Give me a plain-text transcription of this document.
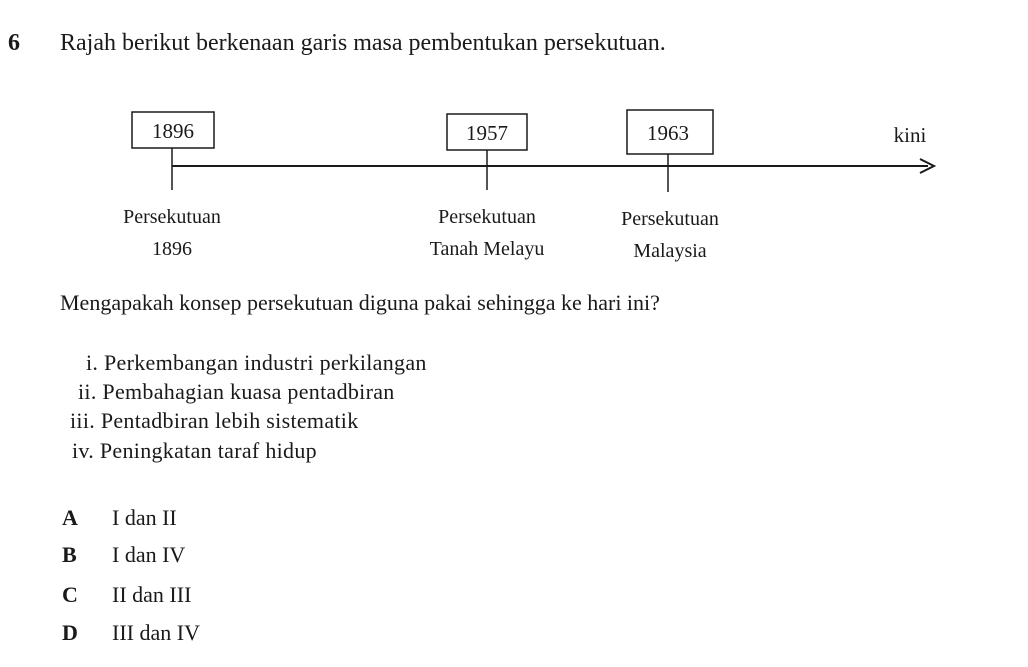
6 Rajah berikut berkenaan garis masa pembentukan persekutuan.
1896
Persekutuan
1896
1957
Persekutuan
Tanah Melayu
1963
Persekutuan
Malaysia
kini
Mengapakah konsep persekutuan diguna pakai sehingga ke hari ini?
i. Perkembangan industri perkilangan
ii. Pembahagian kuasa pentadbiran
iii. Pentadbiran lebih sistematik
iv. Peningkatan taraf hidup
A I dan II
B I dan IV
C II dan III
D III dan IV
